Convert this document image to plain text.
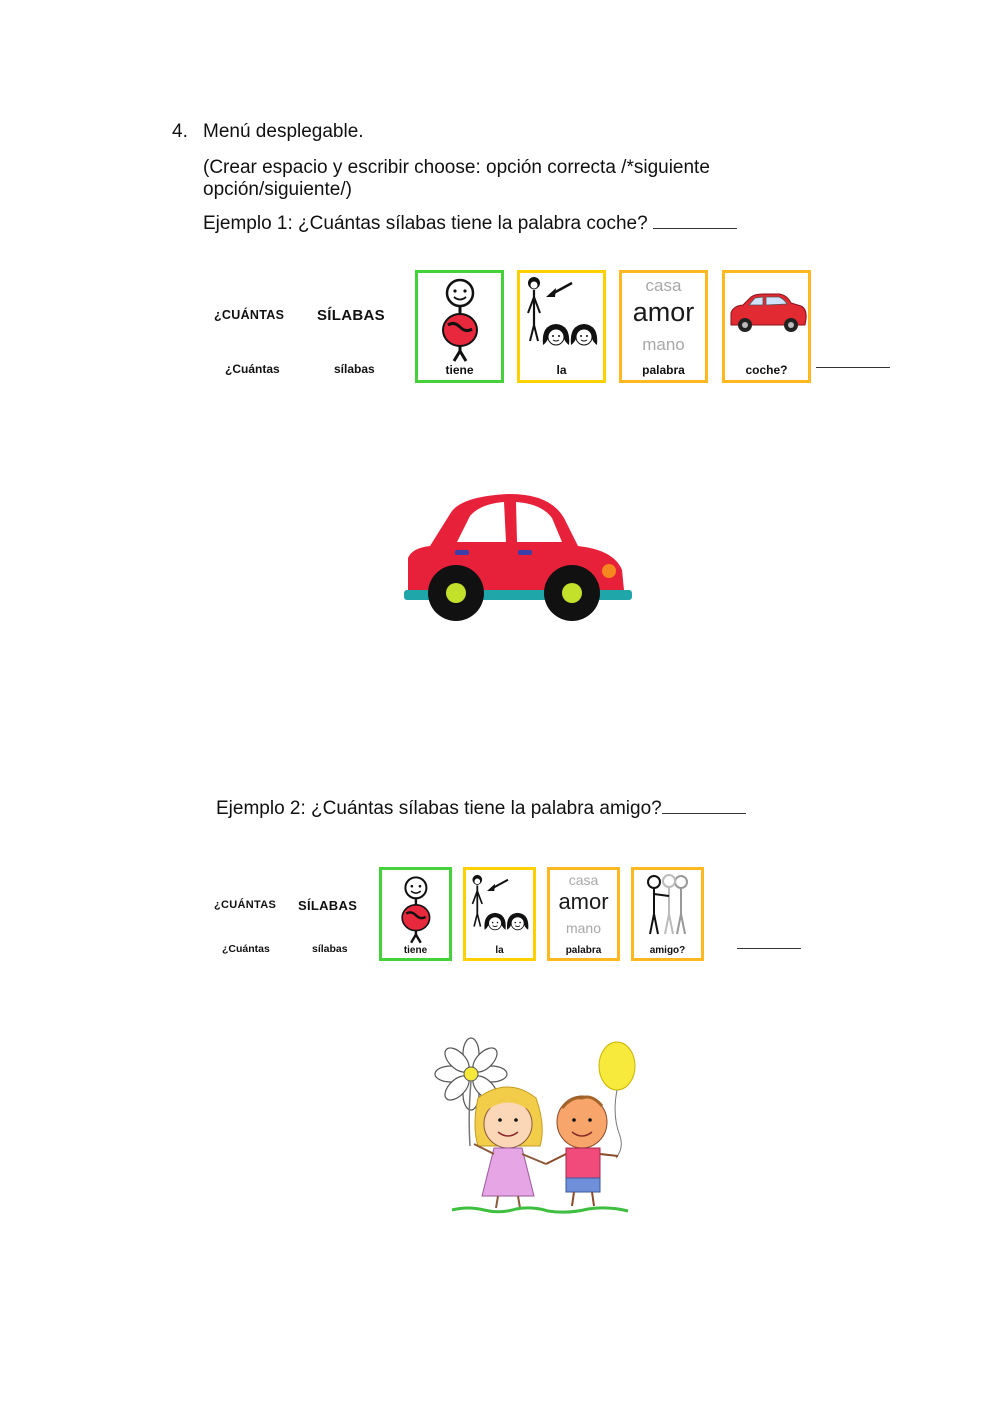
4. Menú desplegable.
(Crear espacio y escribir choose: opción correcta /*siguiente
opción/siguiente/)
Ejemplo 1: ¿Cuántas sílabas tiene la palabra coche?
¿CUÁNTAS
¿Cuántas
SÍLABAS
sílabas	tiene	la
casa
amor
mano
palabra	coche?
Ejemplo 2: ¿Cuántas sílabas tiene la palabra amigo?
¿CUÁNTAS
¿Cuántas
SÍLABAS
sílabas	tiene	la
casa
amor
mano
palabra	amigo?
